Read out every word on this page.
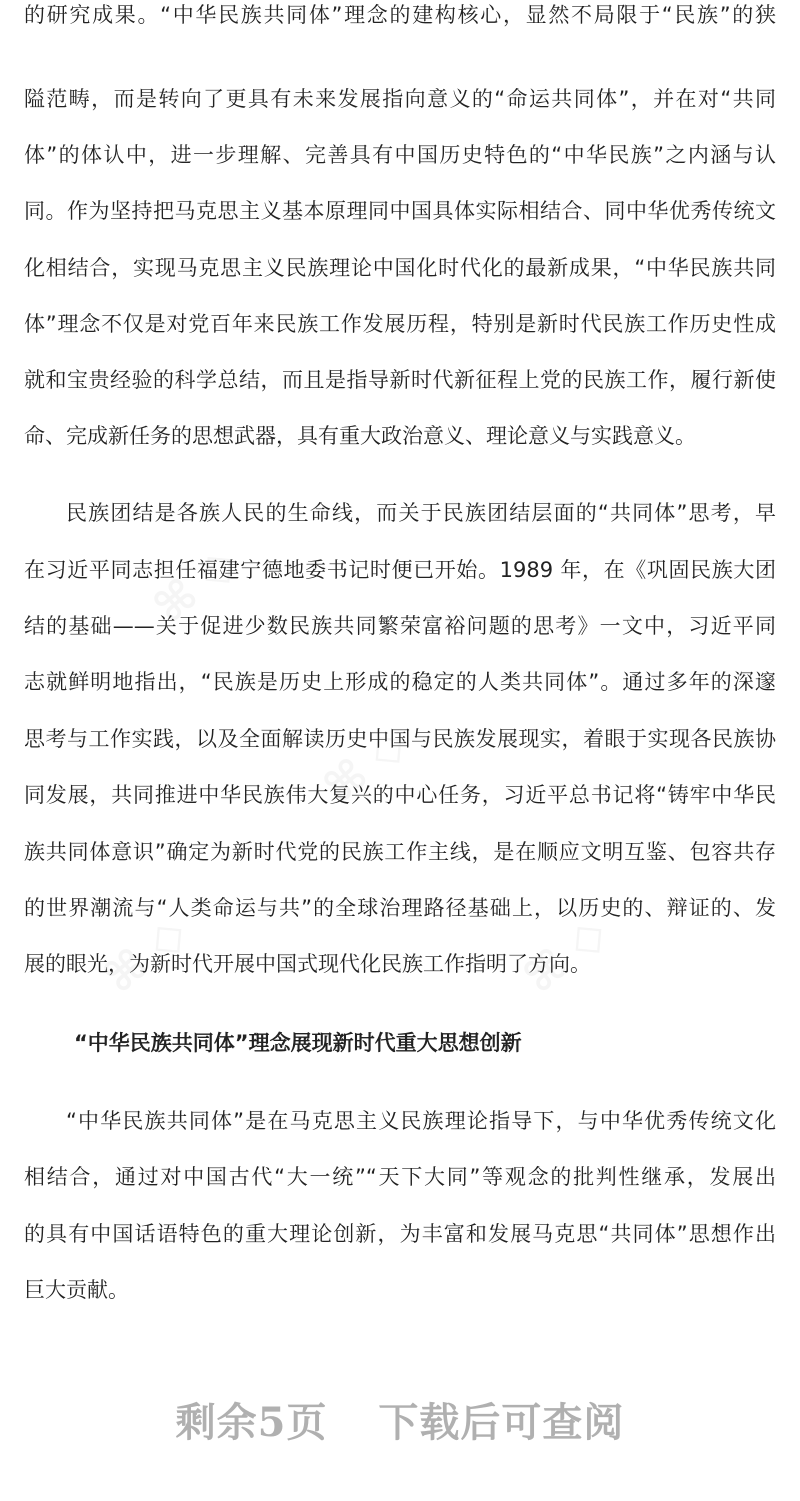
的研究成果。“中华民族共同体”理念的建构核心，显然不局限于“民族”的狭
隘范畴，而是转向了更具有未来发展指向意义的“命运共同体”，并在对“共同
体”的体认中，进一步理解、完善具有中国历史特色的“中华民族”之内涵与认
同。作为坚持把马克思主义基本原理同中国具体实际相结合、同中华优秀传统文
化相结合，实现马克思主义民族理论中国化时代化的最新成果，“中华民族共同
体”理念不仅是对党百年来民族工作发展历程，特别是新时代民族工作历史性成
就和宝贵经验的科学总结，而且是指导新时代新征程上党的民族工作，履行新使
命、完成新任务的思想武器，具有重大政治意义、理论意义与实践意义。
民族团结是各族人民的生命线，而关于民族团结层面的“共同体”思考，早
在习近平同志担任福建宁德地委书记时便已开始。1989 年，在《巩固民族大团
结的基础——关于促进少数民族共同繁荣富裕问题的思考》一文中，习近平同
志就鲜明地指出，“民族是历史上形成的稳定的人类共同体”。通过多年的深邃
思考与工作实践，以及全面解读历史中国与民族发展现实，着眼于实现各民族协
同发展，共同推进中华民族伟大复兴的中心任务，习近平总书记将“铸牢中华民
族共同体意识”确定为新时代党的民族工作主线，是在顺应文明互鉴、包容共存
的世界潮流与“人类命运与共”的全球治理路径基础上，以历史的、辩证的、发
展的眼光，为新时代开展中国式现代化民族工作指明了方向。
“中华民族共同体”理念展现新时代重大思想创新
“中华民族共同体”是在马克思主义民族理论指导下，与中华优秀传统文化
相结合，通过对中国古代“大一统”“天下大同”等观念的批判性继承，发展出
的具有中国话语特色的重大理论创新，为丰富和发展马克思“共同体”思想作出
巨大贡献。
⌘ ◇
⌘ ◇
⌘ ◇	⌘ ◇
剩余5页 下载后可查阅
